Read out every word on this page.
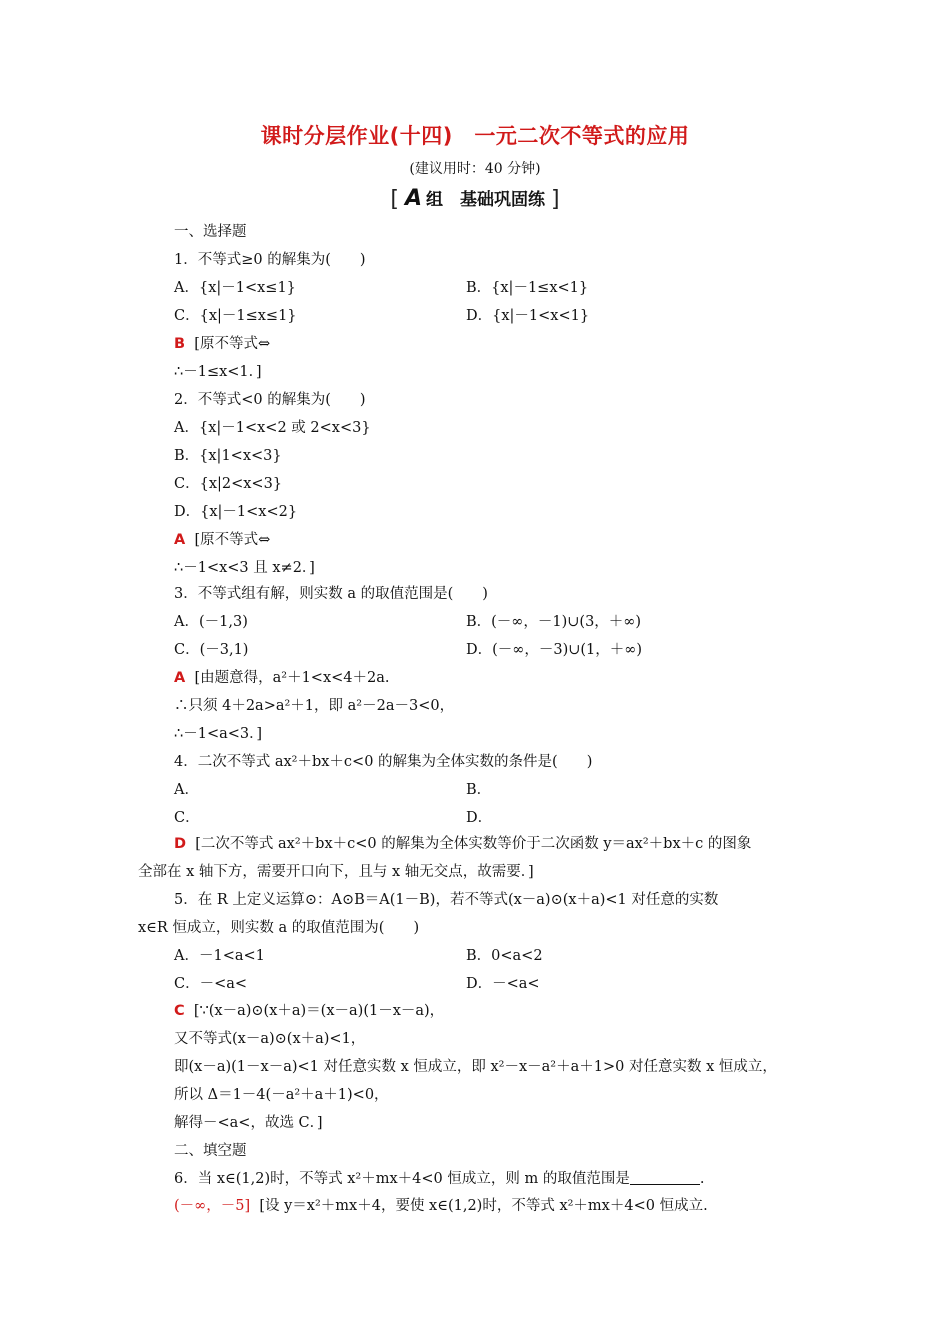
课时分层作业(十四)　一元二次不等式的应用
(建议用时：40 分钟)
[ A 组　基础巩固练 ]
一、选择题
1．不等式≥0 的解集为(　　)
A．{x|－1<x≤1}	B．{x|－1≤x<1}
C．{x|－1≤x≤1}	D．{x|－1<x<1}
B [原不等式⇔
∴－1≤x<1．]
2．不等式<0 的解集为(　　)
A．{x|－1<x<2 或 2<x<3}
B．{x|1<x<3}
C．{x|2<x<3}
D．{x|－1<x<2}
A [原不等式⇔
∴－1<x<3 且 x≠2．]
3．不等式组有解，则实数 a 的取值范围是(　　)
A．(－1,3)	B．(－∞，－1)∪(3，＋∞)
C．(－3,1)	D．(－∞，－3)∪(1，＋∞)
A [由题意得，a²＋1<x<4＋2a.
∴只须 4＋2a>a²＋1，即 a²－2a－3<0，
∴－1<a<3．]
4．二次不等式 ax²＋bx＋c<0 的解集为全体实数的条件是(　　)
A．	B．
C．	D．
D [二次不等式 ax²＋bx＋c<0 的解集为全体实数等价于二次函数 y＝ax²＋bx＋c 的图象
全部在 x 轴下方，需要开口向下，且与 x 轴无交点，故需要．]
5．在 R 上定义运算⊙：A⊙B＝A(1－B)，若不等式(x－a)⊙(x＋a)<1 对任意的实数
x∈R 恒成立，则实数 a 的取值范围为(　　)
A．－1<a<1	B．0<a<2
C．－<a<	D．－<a<
C [∵(x－a)⊙(x＋a)＝(x－a)(1－x－a)，
又不等式(x－a)⊙(x＋a)<1，
即(x－a)(1－x－a)<1 对任意实数 x 恒成立，即 x²－x－a²＋a＋1>0 对任意实数 x 恒成立，
所以 Δ＝1－4(－a²＋a＋1)<0，
解得－<a<，故选 C．]
二、填空题
6．当 x∈(1,2)时，不等式 x²＋mx＋4<0 恒成立，则 m 的取值范围是	.
(－∞，－5] [设 y＝x²＋mx＋4，要使 x∈(1,2)时，不等式 x²＋mx＋4<0 恒成立.
